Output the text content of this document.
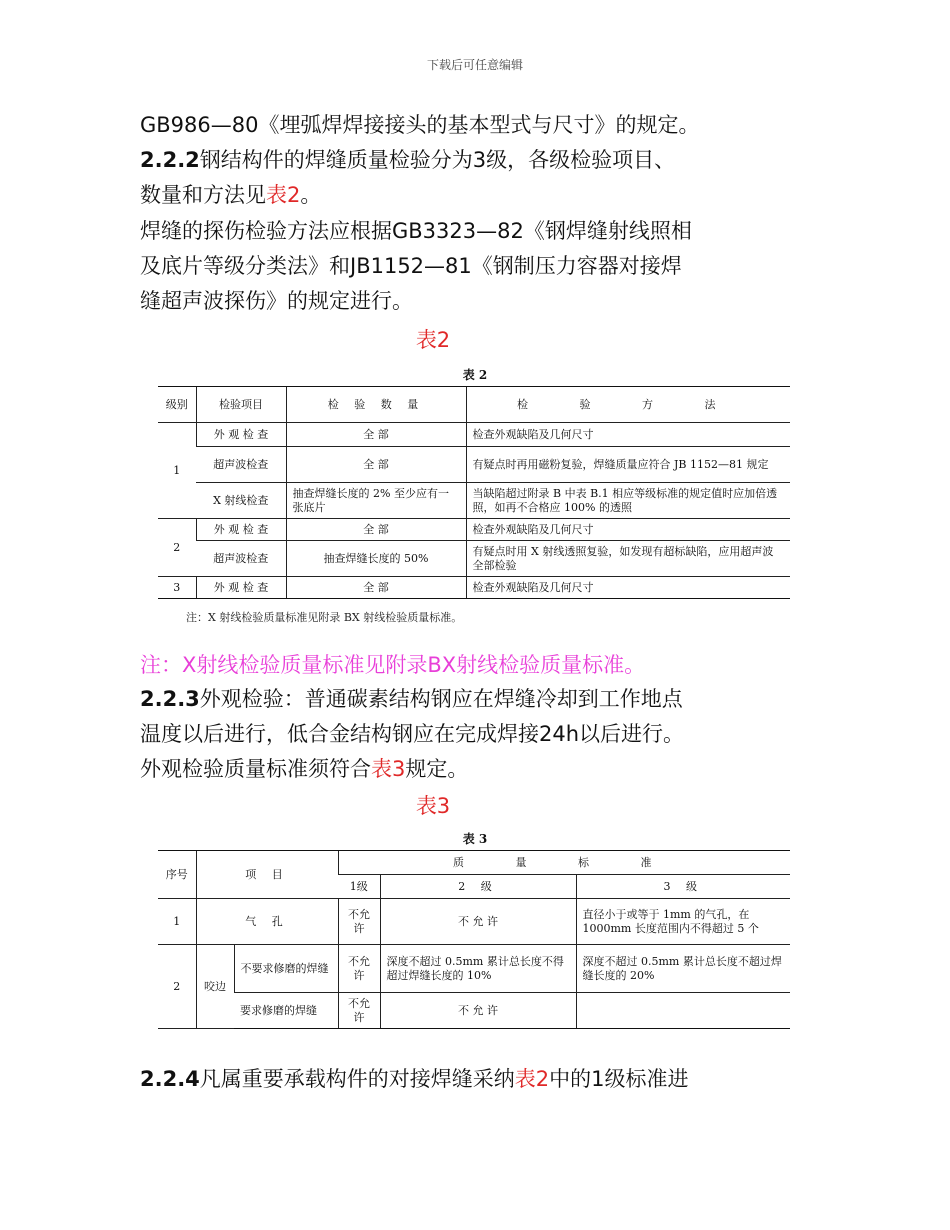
下载后可任意编辑
GB986—80《埋弧焊焊接接头的基本型式与尺寸》的规定。
2.2.2钢结构件的焊缝质量检验分为3级，各级检验项目、
数量和方法见表2。
焊缝的探伤检验方法应根据GB3323—82《钢焊缝射线照相
及底片等级分类法》和JB1152—81《钢制压力容器对接焊
缝超声波探伤》的规定进行。
表2
表 2
级别	检验项目	检 验 数 量	检 验 方 法
1	外 观 检 查	全 部	检查外观缺陷及几何尺寸
	超声波检查	全 部	有疑点时再用磁粉复验，焊缝质量应符合 JB 1152—81 规定
	X 射线检查	抽查焊缝长度的 2% 至少应有一张底片	当缺陷超过附录 B 中表 B.1 相应等级标准的规定值时应加倍透照，如再不合格应 100% 的透照
2	外 观 检 查	全 部	检查外观缺陷及几何尺寸
	超声波检查	抽查焊缝长度的 50%	有疑点时用 X 射线透照复验，如发现有超标缺陷，应用超声波全部检验
3	外 观 检 查	全 部	检查外观缺陷及几何尺寸
注：X 射线检验质量标准见附录 BX 射线检验质量标准。
注：X射线检验质量标准见附录BX射线检验质量标准。
2.2.3外观检验：普通碳素结构钢应在焊缝冷却到工作地点
温度以后进行，低合金结构钢应在完成焊接24h以后进行。
外观检验质量标准须符合表3规定。
表3
表 3
序号	项 目		质 量 标 准		
			1级	2 级	3 级
1	气 孔		不允许	不 允 许	直径小于或等于 1mm 的气孔，在 1000mm 长度范围内不得超过 5 个
2	咬边	不要求修磨的焊缝	不允许	深度不超过 0.5mm 累计总长度不得超过焊缝长度的 10%	深度不超过 0.5mm 累计总长度不超过焊缝长度的 20%
		要求修磨的焊缝	不允许	不 允 许	
2.2.4凡属重要承载构件的对接焊缝采纳表2中的1级标准进
